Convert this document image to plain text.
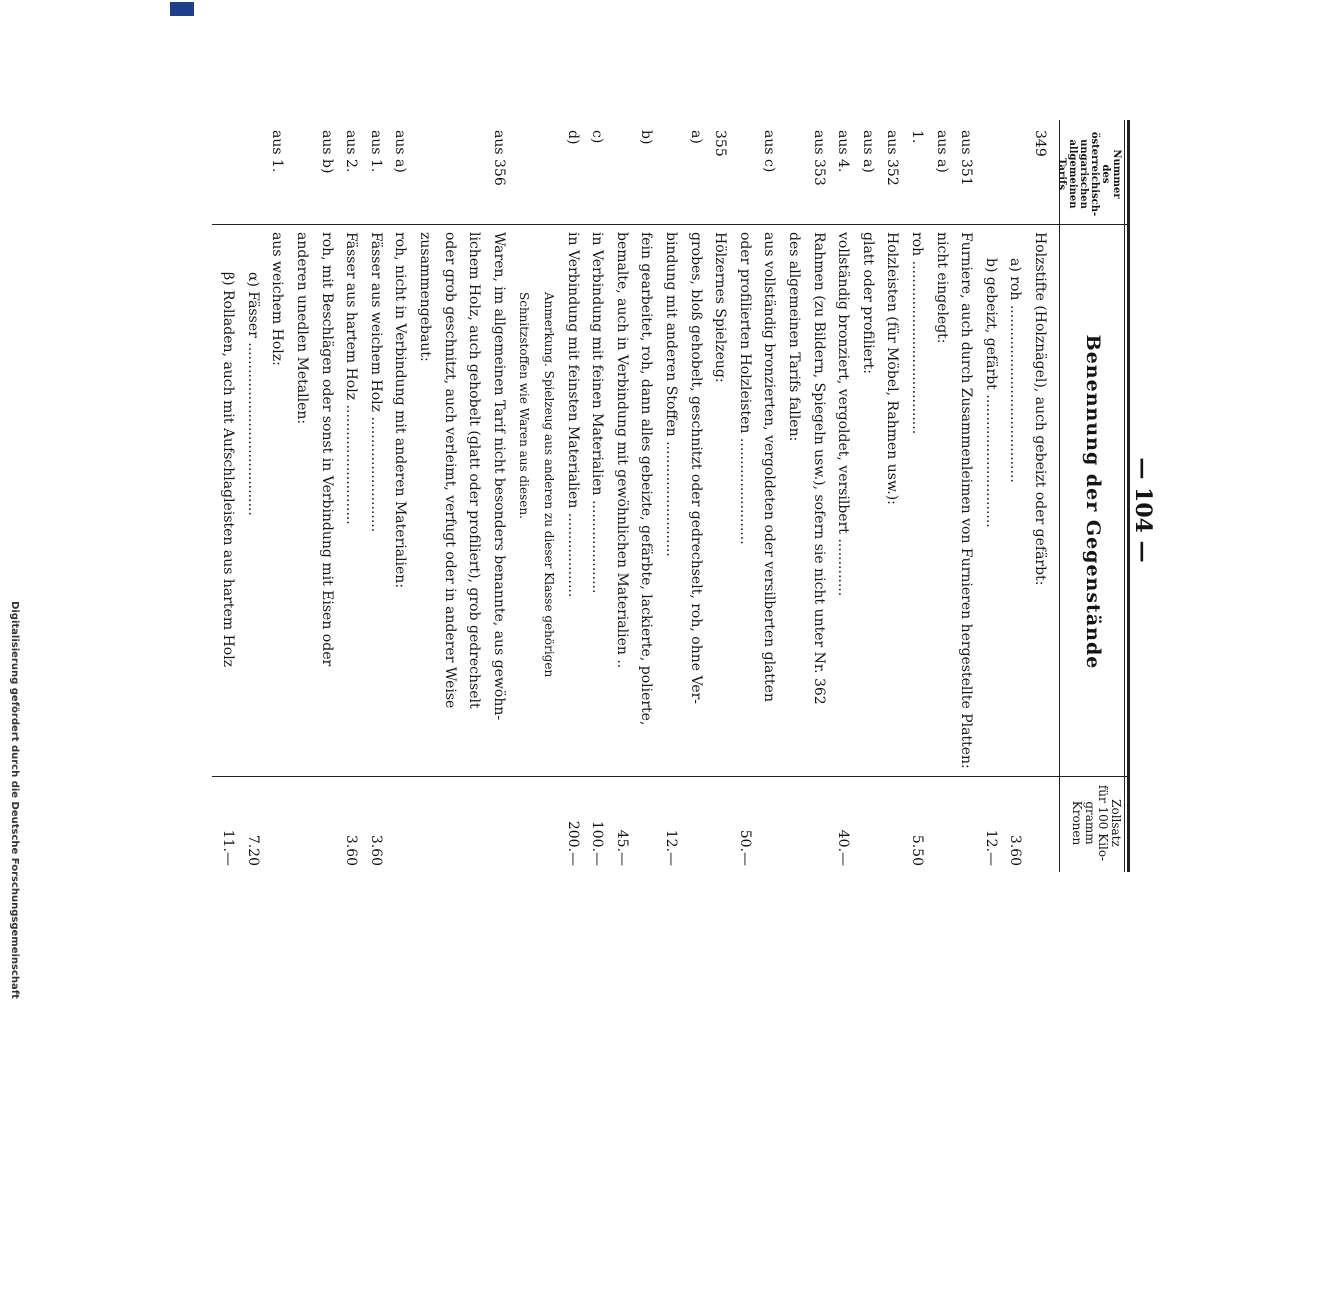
— 104 —
Nummer
des österreichisch-
ungarischen
allgemeinen
Tarifs
Benennung der Gegenstände
Zollsatz
für 100 Kilo-
gramm
Kronen
349
Holzstifte (Holznägel), auch gebeizt oder gefärbt:
a) roh ........................................
3.60
b) gebeizt, gefärbt ..............................
12.—
aus 351
Furniere, auch durch Zusammenleimen von Furnieren hergestellte Platten:
aus a)
nicht eingelegt:
1.
roh .......................................
5.50
aus 352
Holzleisten (für Möbel, Rahmen usw.):
aus a)
glatt oder profiliert:
aus 4.
vollständig bronziert, vergoldet, versilbert .............
40.—
aus 353
Rahmen (zu Bildern, Spiegeln usw.), sofern sie nicht unter Nr. 362
des allgemeinen Tarifs fallen:
aus c)
aus vollständig bronzierten, vergoldeten oder versilberten glatten
oder profilierten Holzleisten ........................
50.—
355
Hölzernes Spielzeug:
a)
grobes, bloß gehobelt, geschnitzt oder gedrechselt, roh, ohne Ver-
bindung mit anderen Stoffen ..........................
12.—
b)
fein gearbeitet, roh, dann alles gebeizte, gefärbte, lackierte, polierte,
bemalte, auch in Verbindung mit gewöhnlichen Materialien ..
45.—
c)
in Verbindung mit feinen Materialien .....................
100.—
d)
in Verbindung mit feinsten Materialien ...................
200.—
Anmerkung. Spielzeug aus anderen zu dieser Klasse gehörigen
Schnitzstoffen wie Waren aus diesen.
aus 356
Waren, im allgemeinen Tarif nicht besonders benannte, aus gewöhn-
lichem Holz, auch gehobelt (glatt oder profiliert), grob gedrechselt
oder grob geschnitzt, auch verleimt, verfugt oder in anderer Weise
zusammengebaut:
aus a)
roh, nicht in Verbindung mit anderen Materialien:
aus 1.
Fässer aus weichem Holz ..........................
3.60
aus 2.
Fässer aus hartem Holz ...........................
3.60
aus b)
roh, mit Beschlägen oder sonst in Verbindung mit Eisen oder
anderen unedlen Metallen:
aus 1.
aus weichem Holz:
α) Fässer .......................................
7.20
β) Rolladen, auch mit Aufschlagleisten aus hartem Holz
11.—
Digitalisierung gefördert durch die Deutsche Forschungsgemeinschaft
